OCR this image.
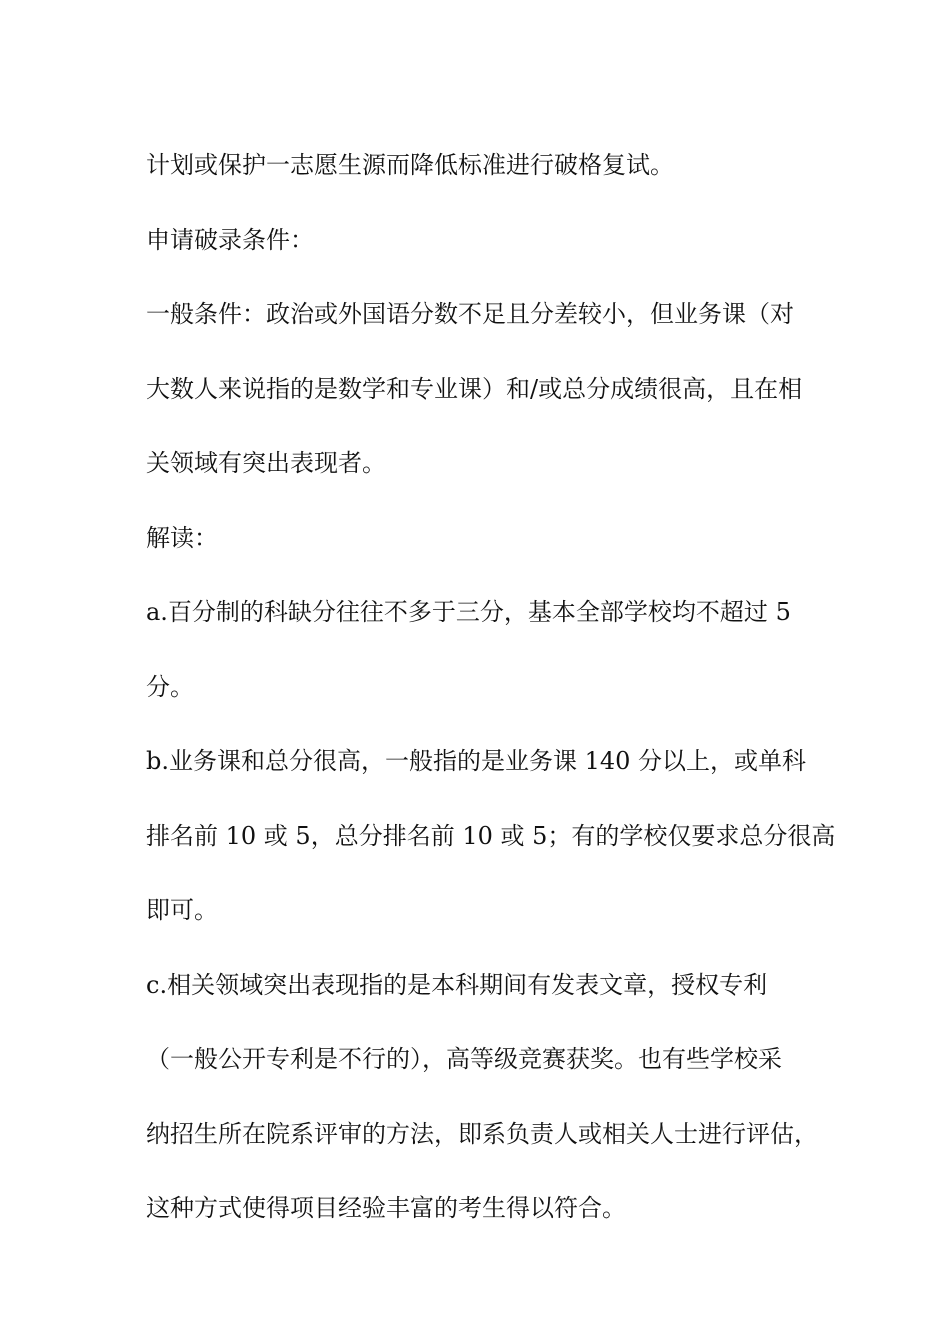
计划或保护一志愿生源而降低标准进行破格复试。
申请破录条件：
一般条件：政治或外国语分数不足且分差较小，但业务课（对
大数人来说指的是数学和专业课）和/或总分成绩很高，且在相
关领域有突出表现者。
解读：
a.百分制的科缺分往往不多于三分，基本全部学校均不超过 5
分。
b.业务课和总分很高，一般指的是业务课 140 分以上，或单科
排名前 10 或 5，总分排名前 10 或 5；有的学校仅要求总分很高
即可。
c.相关领域突出表现指的是本科期间有发表文章，授权专利
（一般公开专利是不行的），高等级竞赛获奖。也有些学校采
纳招生所在院系评审的方法，即系负责人或相关人士进行评估，
这种方式使得项目经验丰富的考生得以符合。
